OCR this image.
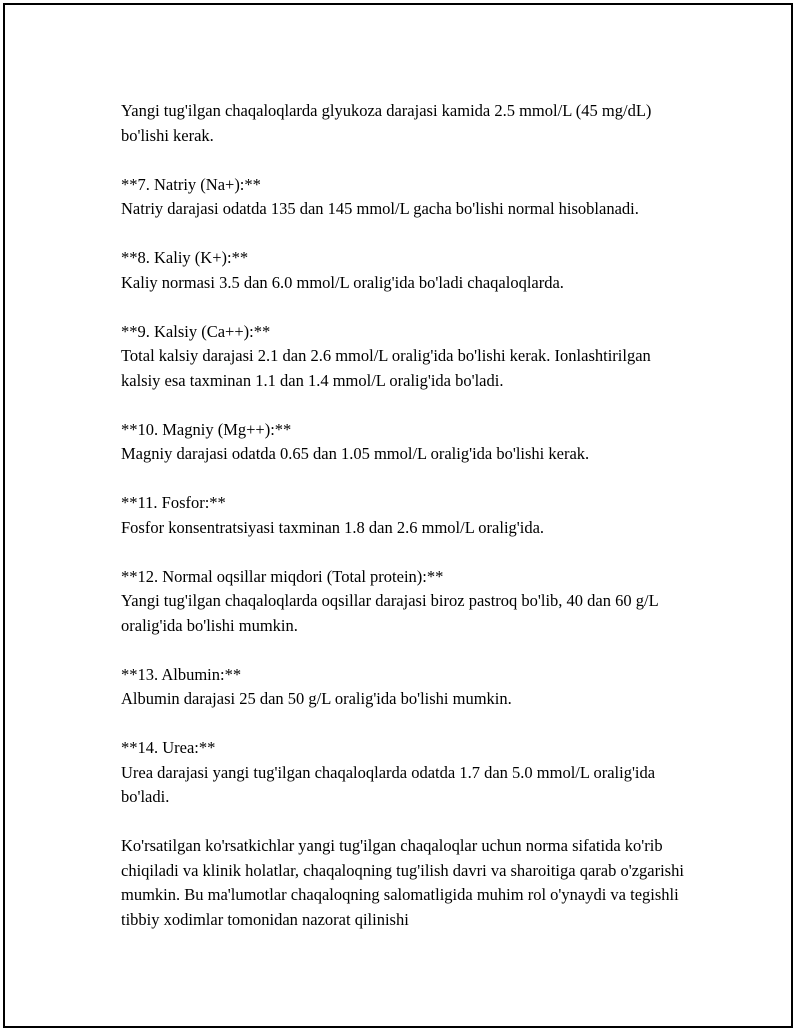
Yangi tug'ilgan chaqaloqlarda glyukoza darajasi kamida 2.5 mmol/L (45 mg/dL) bo'lishi kerak.

**7. Natriy (Na+):**
Natriy darajasi odatda 135 dan 145 mmol/L gacha bo'lishi normal hisoblanadi.
**8. Kaliy (K+):**
Kaliy normasi 3.5 dan 6.0 mmol/L oralig'ida bo'ladi chaqaloqlarda.
**9. Kalsiy (Ca++):**
Total kalsiy darajasi 2.1 dan 2.6 mmol/L oralig'ida bo'lishi kerak. Ionlashtirilgan kalsiy esa taxminan 1.1 dan 1.4 mmol/L oralig'ida bo'ladi.
**10. Magniy (Mg++):**
Magniy darajasi odatda 0.65 dan 1.05 mmol/L oralig'ida bo'lishi kerak.
**11. Fosfor:**
Fosfor konsentratsiyasi taxminan 1.8 dan 2.6 mmol/L oralig'ida.
**12. Normal oqsillar miqdori (Total protein):**
Yangi tug'ilgan chaqaloqlarda oqsillar darajasi biroz pastroq bo'lib, 40 dan 60 g/L oralig'ida bo'lishi mumkin.
**13. Albumin:**
Albumin darajasi 25 dan 50 g/L oralig'ida bo'lishi mumkin.
**14. Urea:**
Urea darajasi yangi tug'ilgan chaqaloqlarda odatda 1.7 dan 5.0 mmol/L oralig'ida bo'ladi.

Ko'rsatilgan ko'rsatkichlar yangi tug'ilgan chaqaloqlar uchun norma sifatida ko'rib chiqiladi va klinik holatlar, chaqaloqning tug'ilish davri va sharoitiga qarab o'zgarishi mumkin. Bu ma'lumotlar chaqaloqning salomatligida muhim rol o'ynaydi va tegishli tibbiy xodimlar tomonidan nazorat qilinishi
